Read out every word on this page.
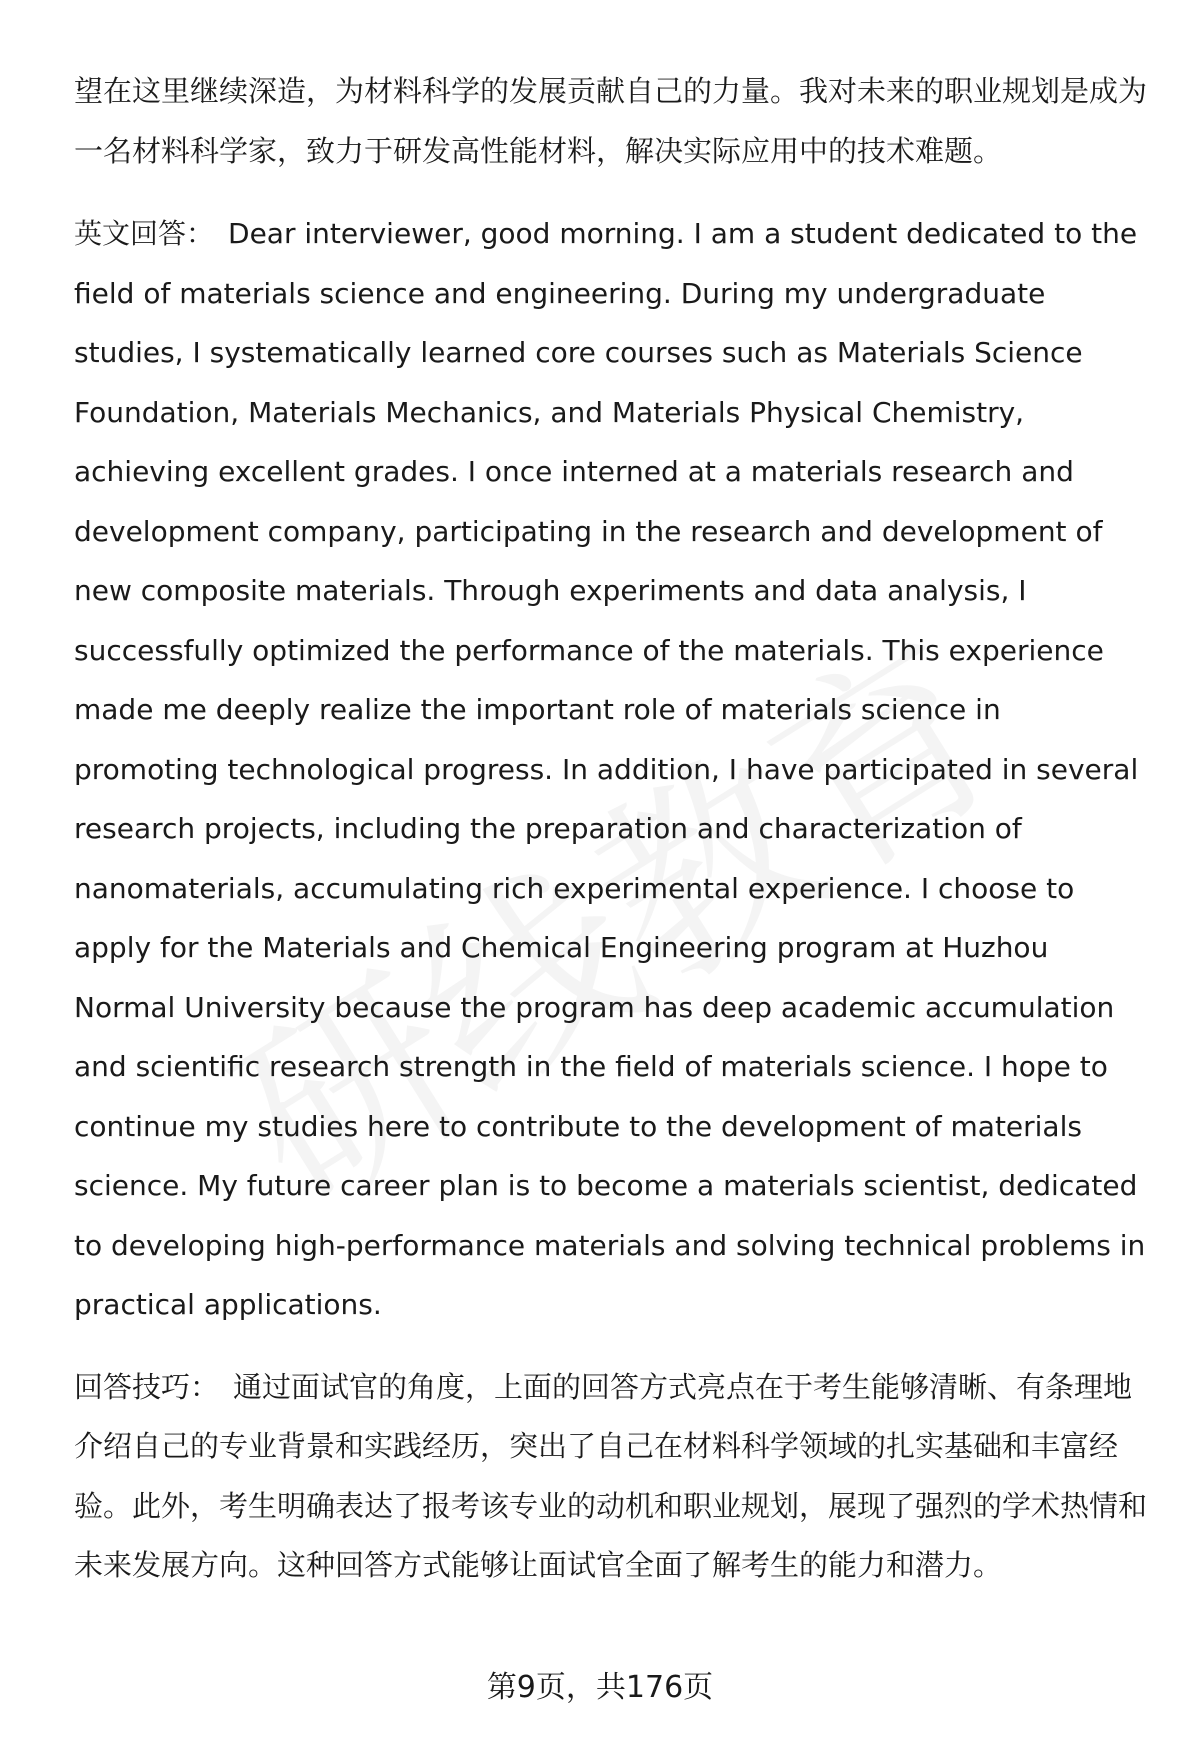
望在这里继续深造，为材料科学的发展贡献自己的力量。我对未来的职业规划是成为一名材料科学家，致力于研发高性能材料，解决实际应用中的技术难题。

英文回答： Dear interviewer, good morning. I am a student dedicated to the field of materials science and engineering. During my undergraduate studies, I systematically learned core courses such as Materials Science Foundation, Materials Mechanics, and Materials Physical Chemistry, achieving excellent grades. I once interned at a materials research and development company, participating in the research and development of new composite materials. Through experiments and data analysis, I successfully optimized the performance of the materials. This experience made me deeply realize the important role of materials science in promoting technological progress. In addition, I have participated in several research projects, including the preparation and characterization of nanomaterials, accumulating rich experimental experience. I choose to apply for the Materials and Chemical Engineering program at Huzhou Normal University because the program has deep academic accumulation and scientific research strength in the field of materials science. I hope to continue my studies here to contribute to the development of materials science. My future career plan is to become a materials scientist, dedicated to developing high-performance materials and solving technical problems in practical applications.

回答技巧： 通过面试官的角度，上面的回答方式亮点在于考生能够清晰、有条理地介绍自己的专业背景和实践经历，突出了自己在材料科学领域的扎实基础和丰富经验。此外，考生明确表达了报考该专业的动机和职业规划，展现了强烈的学术热情和未来发展方向。这种回答方式能够让面试官全面了解考生的能力和潜力。

第9页，共176页
